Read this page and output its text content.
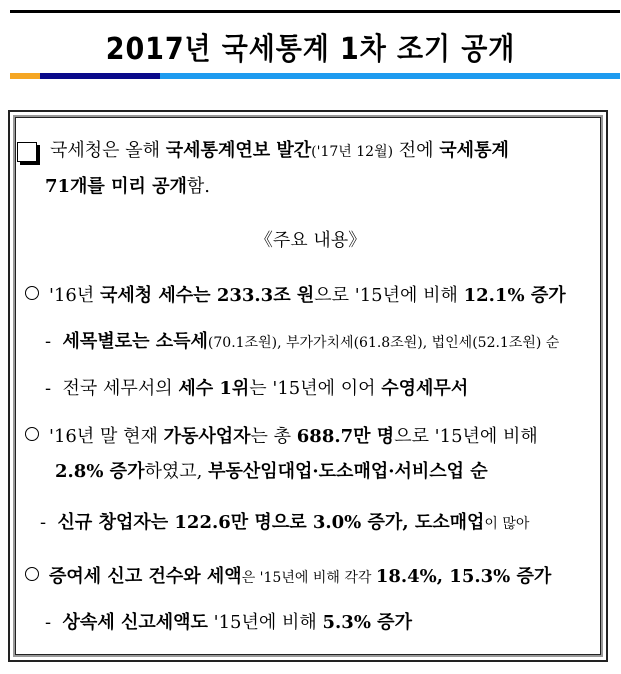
2017년 국세통계 1차 조기 공개
국세청은 올해 국세통계연보 발간('17년 12월) 전에 국세통계
71개를 미리 공개함.
《주요 내용》
'16년 국세청 세수는 233.3조 원으로 '15년에 비해 12.1% 증가
- 세목별로는 소득세(70.1조원), 부가가치세(61.8조원), 법인세(52.1조원) 순
- 전국 세무서의 세수 1위는 '15년에 이어 수영세무서
'16년 말 현재 가동사업자는 총 688.7만 명으로 '15년에 비해
2.8% 증가하였고, 부동산임대업·도소매업·서비스업 순
- 신규 창업자는 122.6만 명으로 3.0% 증가, 도소매업이 많아
증여세 신고 건수와 세액은 '15년에 비해 각각 18.4%, 15.3% 증가
- 상속세 신고세액도 '15년에 비해 5.3% 증가
